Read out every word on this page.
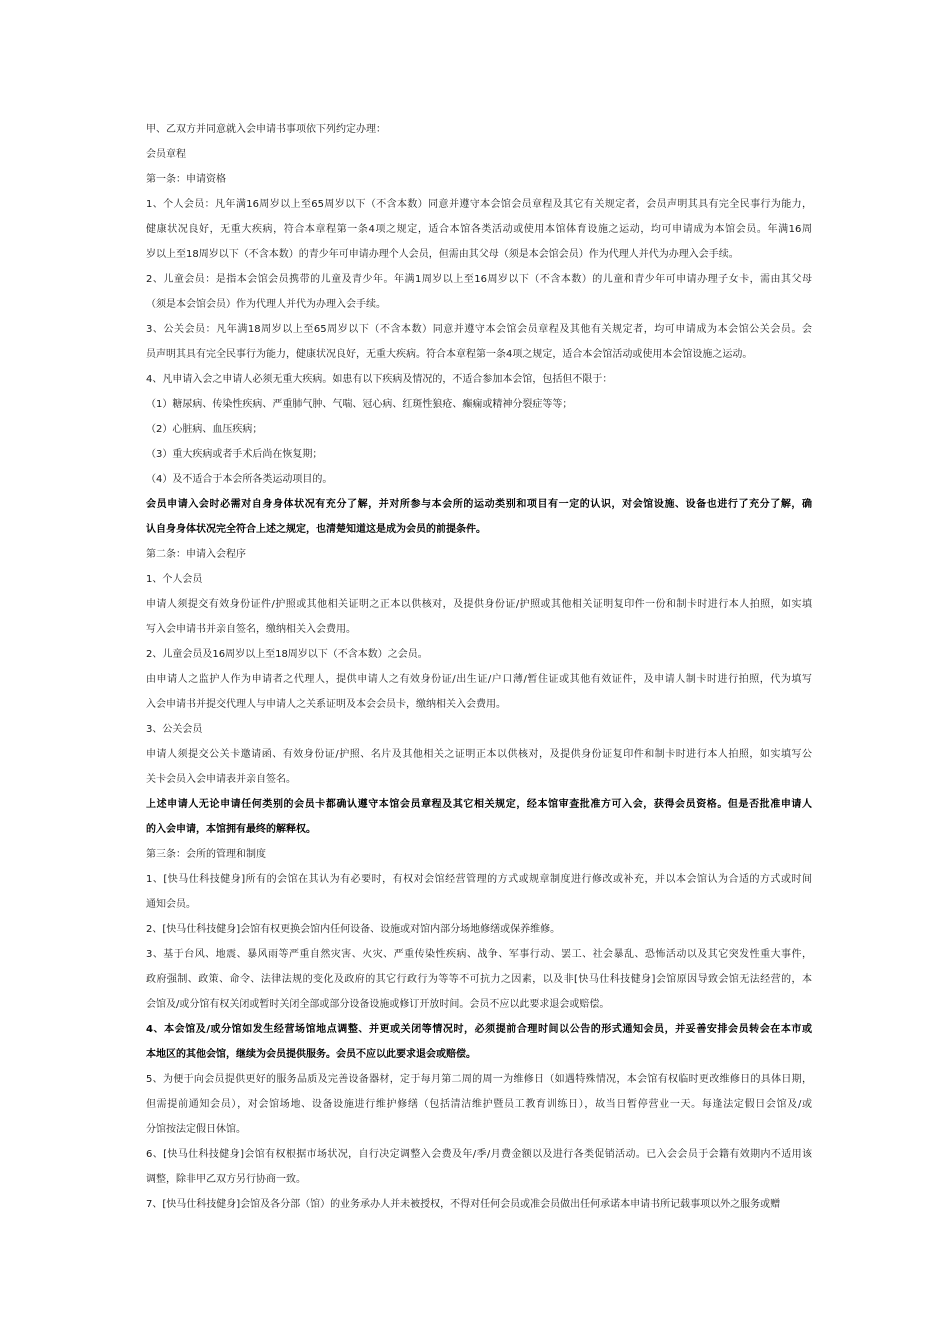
甲、乙双方并同意就入会申请书事项依下列约定办理：
会员章程
第一条：申请资格
1、个人会员：凡年满16周岁以上至65周岁以下（不含本数）同意并遵守本会馆会员章程及其它有关规定者，会员声明其具有完全民事行为能力，
健康状况良好，无重大疾病，符合本章程第一条4项之规定，适合本馆各类活动或使用本馆体育设施之运动，均可申请成为本馆会员。年满16周
岁以上至18周岁以下（不含本数）的青少年可申请办理个人会员，但需由其父母（须是本会馆会员）作为代理人并代为办理入会手续。
2、儿童会员：是指本会馆会员携带的儿童及青少年。年满1周岁以上至16周岁以下（不含本数）的儿童和青少年可申请办理子女卡，需由其父母
（须是本会馆会员）作为代理人并代为办理入会手续。
3、公关会员：凡年满18周岁以上至65周岁以下（不含本数）同意并遵守本会馆会员章程及其他有关规定者，均可申请成为本会馆公关会员。会
员声明其具有完全民事行为能力，健康状况良好，无重大疾病。符合本章程第一条4项之规定，适合本会馆活动或使用本会馆设施之运动。
4、凡申请入会之申请人必须无重大疾病。如患有以下疾病及情况的，不适合参加本会馆，包括但不限于：
（1）糖尿病、传染性疾病、严重肺气肿、气喘、冠心病、红斑性狼疮、癫痫或精神分裂症等等；
（2）心脏病、血压疾病；
（3）重大疾病或者手术后尚在恢复期；
（4）及不适合于本会所各类运动项目的。
会员申请入会时必需对自身身体状况有充分了解，并对所参与本会所的运动类别和项目有一定的认识，对会馆设施、设备也进行了充分了解，确
认自身身体状况完全符合上述之规定，也清楚知道这是成为会员的前提条件。
第二条：申请入会程序
1、个人会员
申请人须提交有效身份证件/护照或其他相关证明之正本以供核对，及提供身份证/护照或其他相关证明复印件一份和制卡时进行本人拍照，如实填
写入会申请书并亲自签名，缴纳相关入会费用。
2、儿童会员及16周岁以上至18周岁以下（不含本数）之会员。
由申请人之监护人作为申请者之代理人，提供申请人之有效身份证/出生证/户口薄/暂住证或其他有效证件，及申请人制卡时进行拍照，代为填写
入会申请书并提交代理人与申请人之关系证明及本会会员卡，缴纳相关入会费用。
3、公关会员
申请人须提交公关卡邀请函、有效身份证/护照、名片及其他相关之证明正本以供核对，及提供身份证复印件和制卡时进行本人拍照，如实填写公
关卡会员入会申请表并亲自签名。
上述申请人无论申请任何类别的会员卡都确认遵守本馆会员章程及其它相关规定，经本馆审查批准方可入会，获得会员资格。但是否批准申请人
的入会申请，本馆拥有最终的解释权。
第三条：会所的管理和制度
1、[快马仕科技健身]所有的会馆在其认为有必要时，有权对会馆经营管理的方式或规章制度进行修改或补充，并以本会馆认为合适的方式或时间
通知会员。
2、[快马仕科技健身]会馆有权更换会馆内任何设备、设施或对馆内部分场地修缮或保养维修。
3、基于台风、地震、暴风雨等严重自然灾害、火灾、严重传染性疾病、战争、军事行动、罢工、社会暴乱、恐怖活动以及其它突发性重大事件，
政府强制、政策、命令、法律法规的变化及政府的其它行政行为等等不可抗力之因素，以及非[快马仕科技健身]会馆原因导致会馆无法经营的，本
会馆及/或分馆有权关闭或暂时关闭全部或部分设备设施或修订开放时间。会员不应以此要求退会或赔偿。
4、本会馆及/或分馆如发生经营场馆地点调整、并更或关闭等情况时，必须提前合理时间以公告的形式通知会员，并妥善安排会员转会在本市或
本地区的其他会馆，继续为会员提供服务。会员不应以此要求退会或赔偿。
5、为便于向会员提供更好的服务品质及完善设备器材，定于每月第二周的周一为维修日（如遇特殊情况，本会馆有权临时更改维修日的具体日期，
但需提前通知会员），对会馆场地、设备设施进行维护修缮（包括清洁维护暨员工教育训练日），故当日暂停营业一天。每逢法定假日会馆及/或
分馆按法定假日休馆。
6、[快马仕科技健身]会馆有权根据市场状况，自行决定调整入会费及年/季/月费金额以及进行各类促销活动。已入会会员于会籍有效期内不适用该
调整，除非甲乙双方另行协商一致。
7、[快马仕科技健身]会馆及各分部（馆）的业务承办人并未被授权，不得对任何会员或准会员做出任何承诺本申请书所记载事项以外之服务或赠
